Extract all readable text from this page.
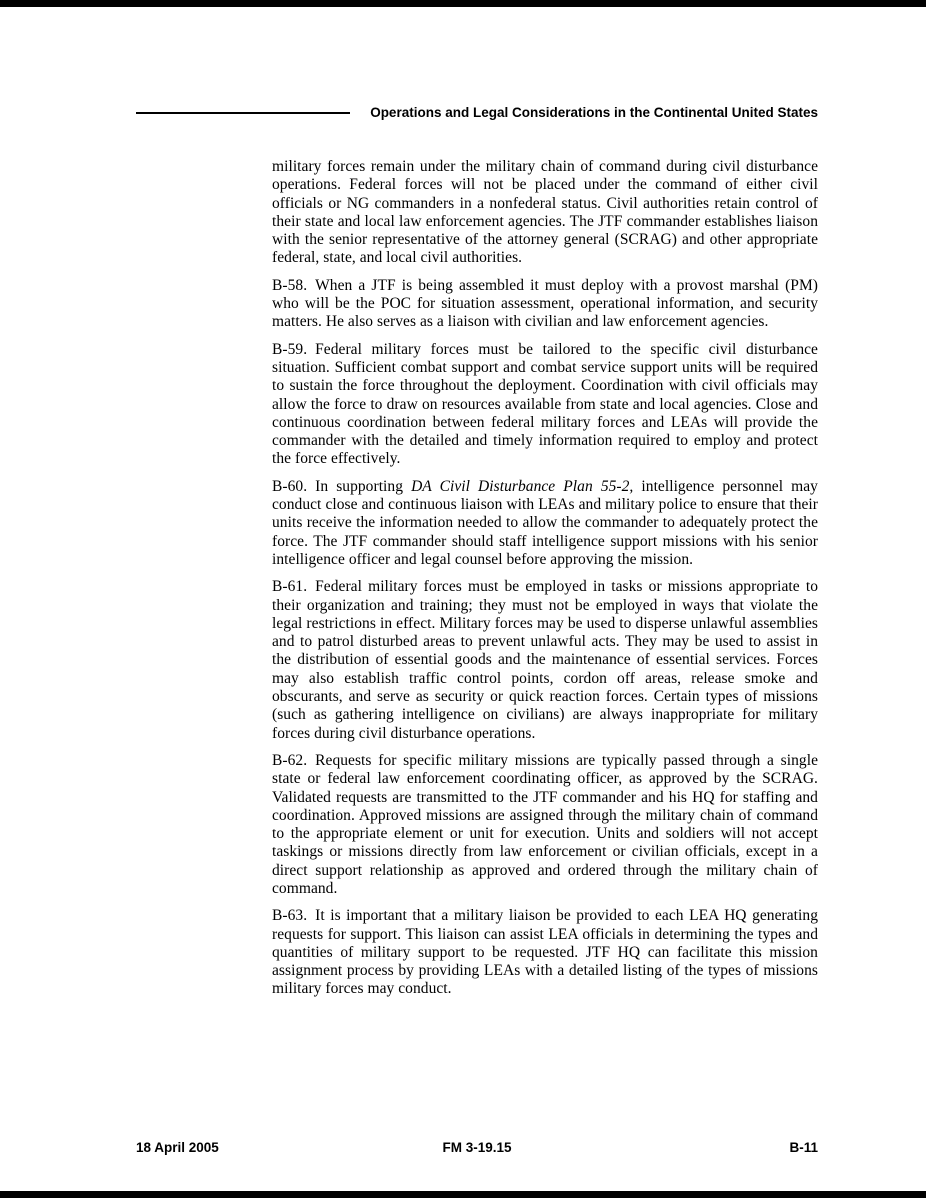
Operations and Legal Considerations in the Continental United States

military forces remain under the military chain of command during civil disturbance operations. Federal forces will not be placed under the command of either civil officials or NG commanders in a nonfederal status. Civil authorities retain control of their state and local law enforcement agencies. The JTF commander establishes liaison with the senior representative of the attorney general (SCRAG) and other appropriate federal, state, and local civil authorities.

B-58. When a JTF is being assembled it must deploy with a provost marshal (PM) who will be the POC for situation assessment, operational information, and security matters. He also serves as a liaison with civilian and law enforcement agencies.

B-59. Federal military forces must be tailored to the specific civil disturbance situation. Sufficient combat support and combat service support units will be required to sustain the force throughout the deployment. Coordination with civil officials may allow the force to draw on resources available from state and local agencies. Close and continuous coordination between federal military forces and LEAs will provide the commander with the detailed and timely information required to employ and protect the force effectively.

B-60. In supporting DA Civil Disturbance Plan 55-2, intelligence personnel may conduct close and continuous liaison with LEAs and military police to ensure that their units receive the information needed to allow the commander to adequately protect the force. The JTF commander should staff intelligence support missions with his senior intelligence officer and legal counsel before approving the mission.

B-61. Federal military forces must be employed in tasks or missions appropriate to their organization and training; they must not be employed in ways that violate the legal restrictions in effect. Military forces may be used to disperse unlawful assemblies and to patrol disturbed areas to prevent unlawful acts. They may be used to assist in the distribution of essential goods and the maintenance of essential services. Forces may also establish traffic control points, cordon off areas, release smoke and obscurants, and serve as security or quick reaction forces. Certain types of missions (such as gathering intelligence on civilians) are always inappropriate for military forces during civil disturbance operations.

B-62. Requests for specific military missions are typically passed through a single state or federal law enforcement coordinating officer, as approved by the SCRAG. Validated requests are transmitted to the JTF commander and his HQ for staffing and coordination. Approved missions are assigned through the military chain of command to the appropriate element or unit for execution. Units and soldiers will not accept taskings or missions directly from law enforcement or civilian officials, except in a direct support relationship as approved and ordered through the military chain of command.

B-63. It is important that a military liaison be provided to each LEA HQ generating requests for support. This liaison can assist LEA officials in determining the types and quantities of military support to be requested. JTF HQ can facilitate this mission assignment process by providing LEAs with a detailed listing of the types of missions military forces may conduct.

18 April 2005	FM 3-19.15	B-11
